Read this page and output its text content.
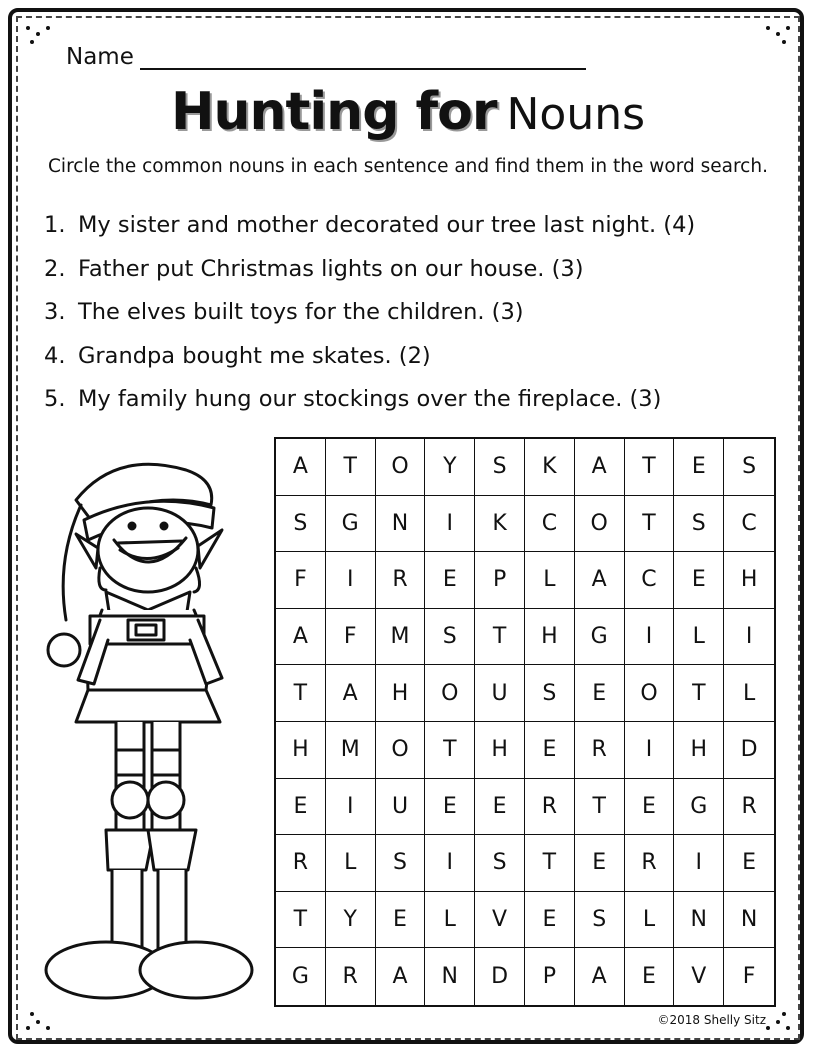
Name
Hunting for Nouns
Circle the common nouns in each sentence and find them in the word search.
1. My sister and mother decorated our tree last night. (4)
2. Father put Christmas lights on our house. (3)
3. The elves built toys for the children. (3)
4. Grandpa bought me skates. (2)
5. My family hung our stockings over the fireplace. (3)
A	T	O	Y	S	K	A	T	E	S
S	G	N	I	K	C	O	T	S	C
F	I	R	E	P	L	A	C	E	H
A	F	M	S	T	H	G	I	L	I
T	A	H	O	U	S	E	O	T	L
H	M	O	T	H	E	R	I	H	D
E	I	U	E	E	R	T	E	G	R
R	L	S	I	S	T	E	R	I	E
T	Y	E	L	V	E	S	L	N	N
G	R	A	N	D	P	A	E	V	F
©2018 Shelly Sitz
